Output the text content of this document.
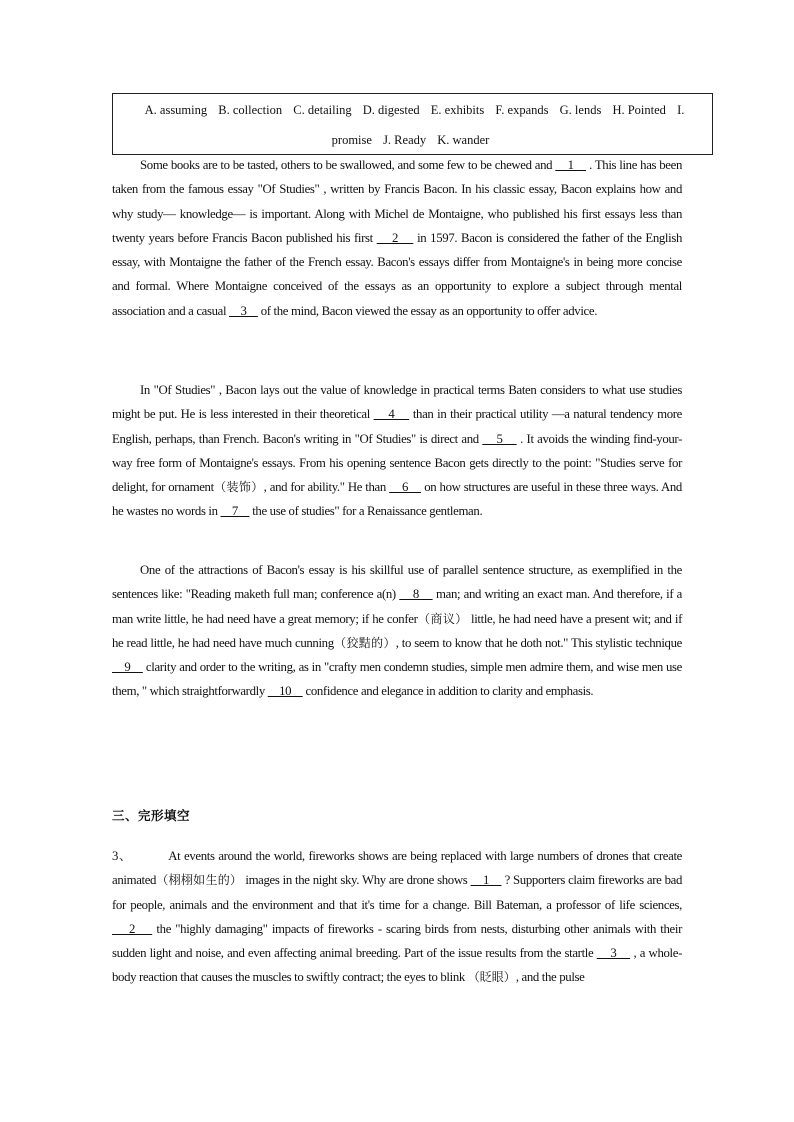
A. assuming B. collection C. detailing D. digested E. exhibits F. expands G. lends H. Pointed I. promise J. Ready K. wander

Some books are to be tasted, others to be swallowed, and some few to be chewed and     1     . This line has been taken from the famous essay "Of Studies" , written by Francis Bacon. In his classic essay, Bacon explains how and why study— knowledge— is important. Along with Michel de Montaigne, who published his first essays less than twenty years before Francis Bacon published his first     2     in 1597. Bacon is considered the father of the English essay, with Montaigne the father of the French essay. Bacon's essays differ from Montaigne's in being more concise and formal. Where Montaigne conceived of the essays as an opportunity to explore a subject through mental association and a casual     3     of the mind, Bacon viewed the essay as an opportunity to offer advice.

In "Of Studies" , Bacon lays out the value of knowledge in practical terms Baten considers to what use studies might be put. He is less interested in their theoretical     4     than in their practical utility —a natural tendency more English, perhaps, than French. Bacon's writing in "Of Studies" is direct and     5     . It avoids the winding find-your-way free form of Montaigne's essays. From his opening sentence Bacon gets directly to the point: "Studies serve for delight, for ornament（装饰）, and for ability." He than     6     on how structures are useful in these three ways. And he wastes no words in     7     the use of studies" for a Renaissance gentleman.

One of the attractions of Bacon's essay is his skillful use of parallel sentence structure, as exemplified in the sentences like: "Reading maketh full man; conference a(n)     8     man; and writing an exact man. And therefore, if a man write little, he had need have a great memory; if he confer（商议） little, he had need have a present wit; and if he read little, he had need have much cunning（狡黠的）, to seem to know that he doth not." This stylistic technique     9     clarity and order to the writing, as in "crafty men condemn studies, simple men admire them, and wise men use them, " which straightforwardly     10     confidence and elegance in addition to clarity and emphasis.

三、完形填空

3、	At events around the world, fireworks shows are being replaced with large numbers of drones that create animated（栩栩如生的） images in the night sky. Why are drone shows     1     ? Supporters claim fireworks are bad for people, animals and the environment and that it's time for a change. Bill Bateman, a professor of life sciences,     2     the "highly damaging" impacts of fireworks - scaring birds from nests, disturbing other animals with their sudden light and noise, and even affecting animal breeding. Part of the issue results from the startle     3     , a whole-body reaction that causes the muscles to swiftly contract; the eyes to blink （眨眼）, and the pulse
